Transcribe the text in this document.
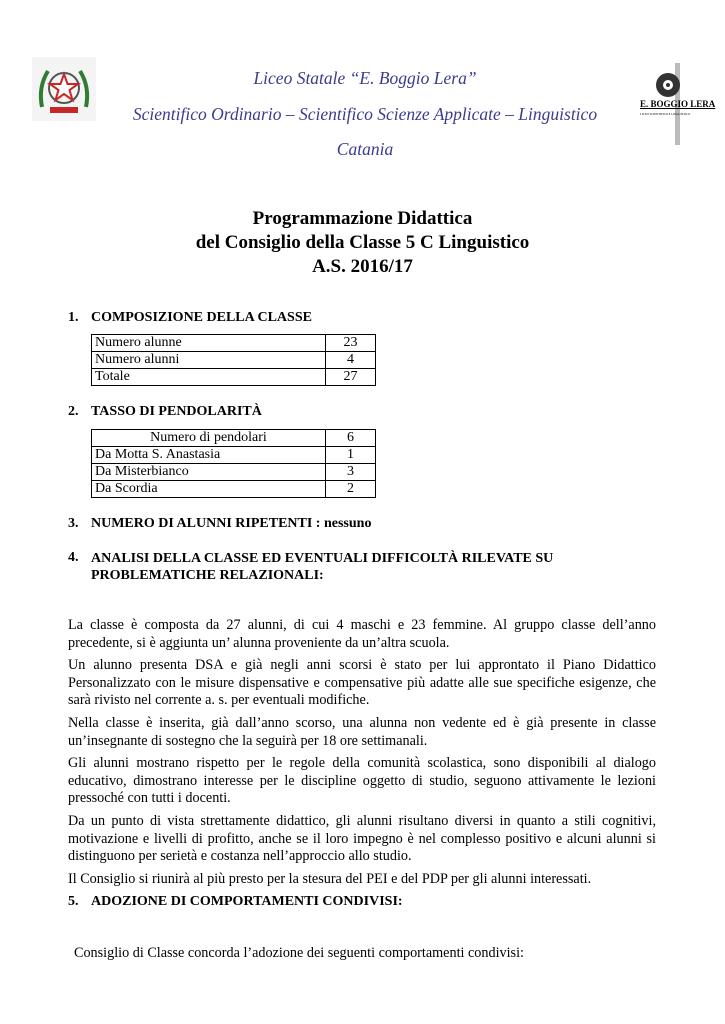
Liceo Statale “E. Boggio Lera”
Scientifico Ordinario – Scientifico Scienze Applicate – Linguistico
Catania
E. BOGGIO LERA
LICEO SCIENTIFICO E LINGUISTICO
Programmazione Didattica
del Consiglio della Classe 5 C Linguistico
A.S. 2016/17
1. COMPOSIZIONE DELLA CLASSE
Numero alunne	23
Numero alunni	4
Totale	27
2. TASSO DI PENDOLARITÀ
Numero di pendolari	6
Da Motta S. Anastasia	1
Da Misterbianco	3
Da Scordia	2
3. NUMERO DI ALUNNI RIPETENTI : nessuno
4. ANALISI DELLA CLASSE ED EVENTUALI DIFFICOLTÀ RILEVATE SU PROBLEMATICHE RELAZIONALI:

La classe è composta da 27 alunni, di cui 4 maschi e 23 femmine. Al gruppo classe dell’anno precedente, si è aggiunta un’ alunna proveniente da un’altra scuola.

Un alunno presenta DSA e già negli anni scorsi è stato per lui approntato il Piano Didattico Personalizzato con le misure dispensative e compensative più adatte alle sue specifiche esigenze, che sarà rivisto nel corrente a. s. per eventuali modifiche.

Nella classe è inserita, già dall’anno scorso, una alunna non vedente ed è già presente in classe un’insegnante di sostegno che la seguirà per 18 ore settimanali.

Gli alunni mostrano rispetto per le regole della comunità scolastica, sono disponibili al dialogo educativo, dimostrano interesse per le discipline oggetto di studio, seguono attivamente le lezioni pressoché con tutti i docenti.

Da un punto di vista strettamente didattico, gli alunni risultano diversi in quanto a stili cognitivi, motivazione e livelli di profitto, anche se il loro impegno è nel complesso positivo e alcuni alunni si distinguono per serietà e costanza nell’approccio allo studio.

Il Consiglio si riunirà al più presto per la stesura del PEI e del PDP per gli alunni interessati.

5. ADOZIONE DI COMPORTAMENTI CONDIVISI:
Consiglio di Classe concorda l’adozione dei seguenti comportamenti condivisi:
